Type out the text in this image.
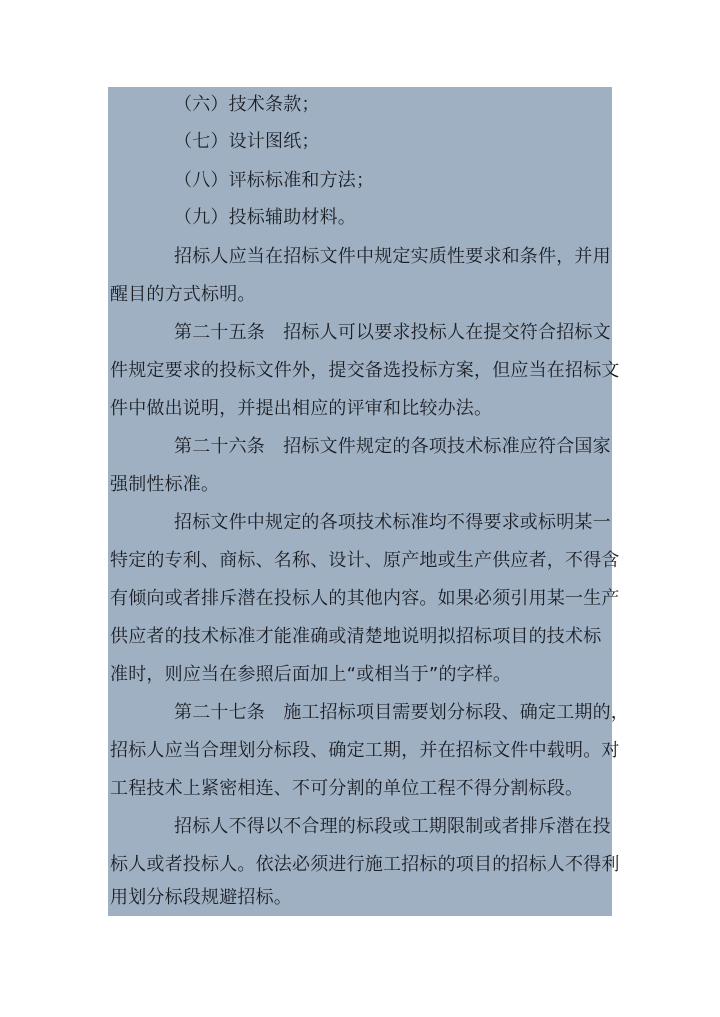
（六）技术条款；
（七）设计图纸；
（八）评标标准和方法；
（九）投标辅助材料。
招标人应当在招标文件中规定实质性要求和条件，并用
醒目的方式标明。
第二十五条　招标人可以要求投标人在提交符合招标文
件规定要求的投标文件外，提交备选投标方案，但应当在招标文
件中做出说明，并提出相应的评审和比较办法。
第二十六条　招标文件规定的各项技术标准应符合国家
强制性标准。
招标文件中规定的各项技术标准均不得要求或标明某一
特定的专利、商标、名称、设计、原产地或生产供应者，不得含
有倾向或者排斥潜在投标人的其他内容。如果必须引用某一生产
供应者的技术标准才能准确或清楚地说明拟招标项目的技术标
准时，则应当在参照后面加上“或相当于”的字样。
第二十七条　施工招标项目需要划分标段、确定工期的，
招标人应当合理划分标段、确定工期，并在招标文件中载明。对
工程技术上紧密相连、不可分割的单位工程不得分割标段。
招标人不得以不合理的标段或工期限制或者排斥潜在投
标人或者投标人。依法必须进行施工招标的项目的招标人不得利
用划分标段规避招标。
